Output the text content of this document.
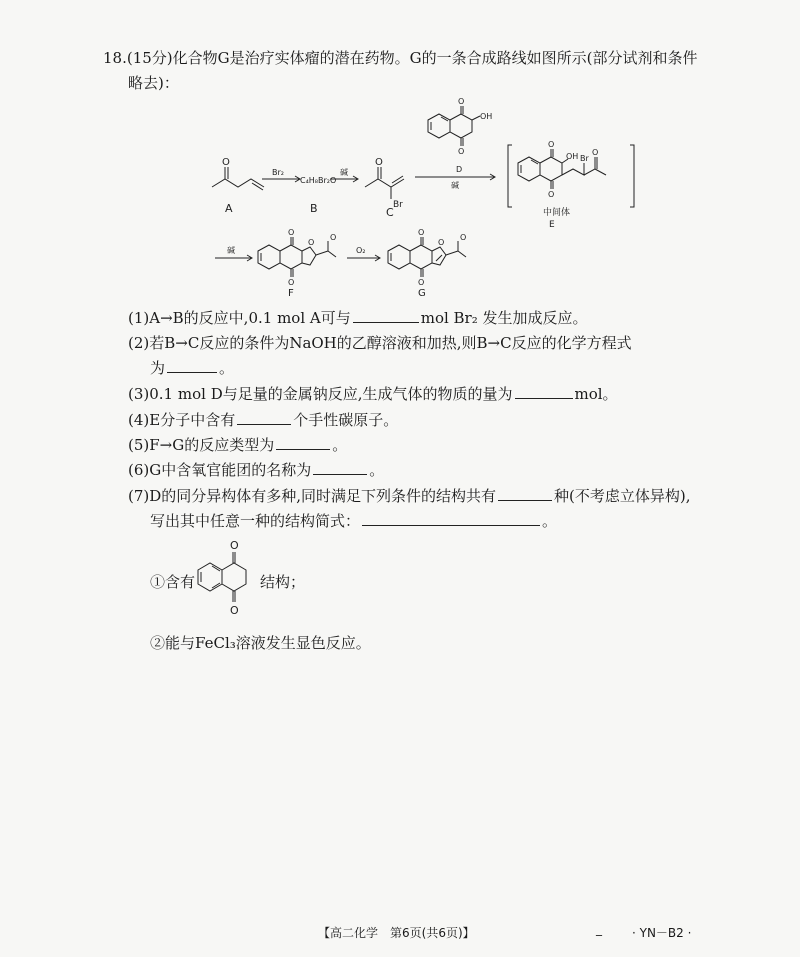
18.(15分)化合物G是治疗实体瘤的潜在药物。G的一条合成路线如图所示(部分试剂和条件
略去)：
O
A
Br₂
C₄H₈Br₂O
B
碱
O
Br
C
O
O
OH
D
碱
O
O
OH Br
O
中间体
E
碱
O
O
O
O
F
O₂
O
O
O
O
G
(1)A→B的反应中,0.1 mol A可与	mol Br₂ 发生加成反应。
(2)若B→C反应的条件为NaOH的乙醇溶液和加热,则B→C反应的化学方程式
为	。
(3)0.1 mol D与足量的金属钠反应,生成气体的物质的量为	mol。
(4)E分子中含有	个手性碳原子。
(5)F→G的反应类型为	。
(6)G中含氧官能团的名称为	。
(7)D的同分异构体有多种,同时满足下列条件的结构共有	种(不考虑立体异构),
写出其中任意一种的结构简式：	。
①含有
O
O
结构；
②能与FeCl₃溶液发生显色反应。
【高二化学　第6页(共6页)】	_	· YN－B2 ·
